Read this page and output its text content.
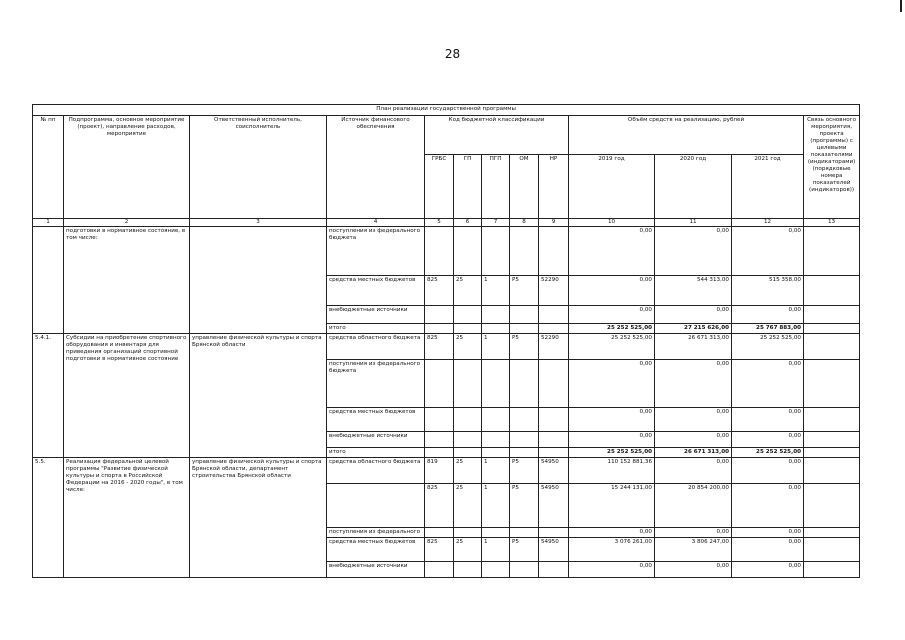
28
План реализации государственной программы												
№ пп	Подпрограмма, основное мероприятие (проект), направление расходов, мероприятие	Ответственный исполнитель, соисполнитель	Источник финансового обеспечения	Код бюджетной классификации					Объём средств на реализацию, рублей			Связь основного мероприятия, проекта (программы) с целевыми показателями (индикаторами) (порядковые номера показателей (индикаторов))
				ГРБС	ГП	ПГП	ОМ	НР	2019 год	2020 год	2021 год	
1	2	3	4	5	6	7	8	9	10	11	12	13
	подготовки в нормативное состояние, в том числе:		поступления из федерального бюджета						0,00	0,00	0,00	
			средства местных бюджетов	825	25	1	P5	52290	0,00	544 313,00	515 358,00	
			внебюджетные источники						0,00	0,00	0,00	
			итого						25 252 525,00	27 215 626,00	25 767 883,00	
5.4.1.	Субсидии на приобретение спортивного оборудования и инвентаря для приведения организаций спортивной подготовки в нормативное состояние	управление физической культуры и спорта Брянской области	средства областного бюджета	825	25	1	P5	52290	25 252 525,00	26 671 313,00	25 252 525,00	
			поступления из федерального бюджета						0,00	0,00	0,00	
			средства местных бюджетов						0,00	0,00	0,00	
			внебюджетные источники						0,00	0,00	0,00	
			итого						25 252 525,00	26 671 313,00	25 252 525,00	
5.5.	Реализация федеральной целевой программы "Развитие физической культуры и спорта в Российской Федерации на 2016 - 2020 годы", в том числе:	управление физической культуры и спорта Брянской области, департамент строительства Брянской области	средства областного бюджета	819	25	1	P5	54950	110 152 881,36	0,00	0,00	
				825	25	1	P5	54950	15 244 131,00	20 854 200,00	0,00	
			поступления из федерального						0,00	0,00	0,00	
			средства местных бюджетов	825	25	1	P5	54950	3 076 261,00	3 806 247,00	0,00	
			внебюджетные источники						0,00	0,00	0,00	
